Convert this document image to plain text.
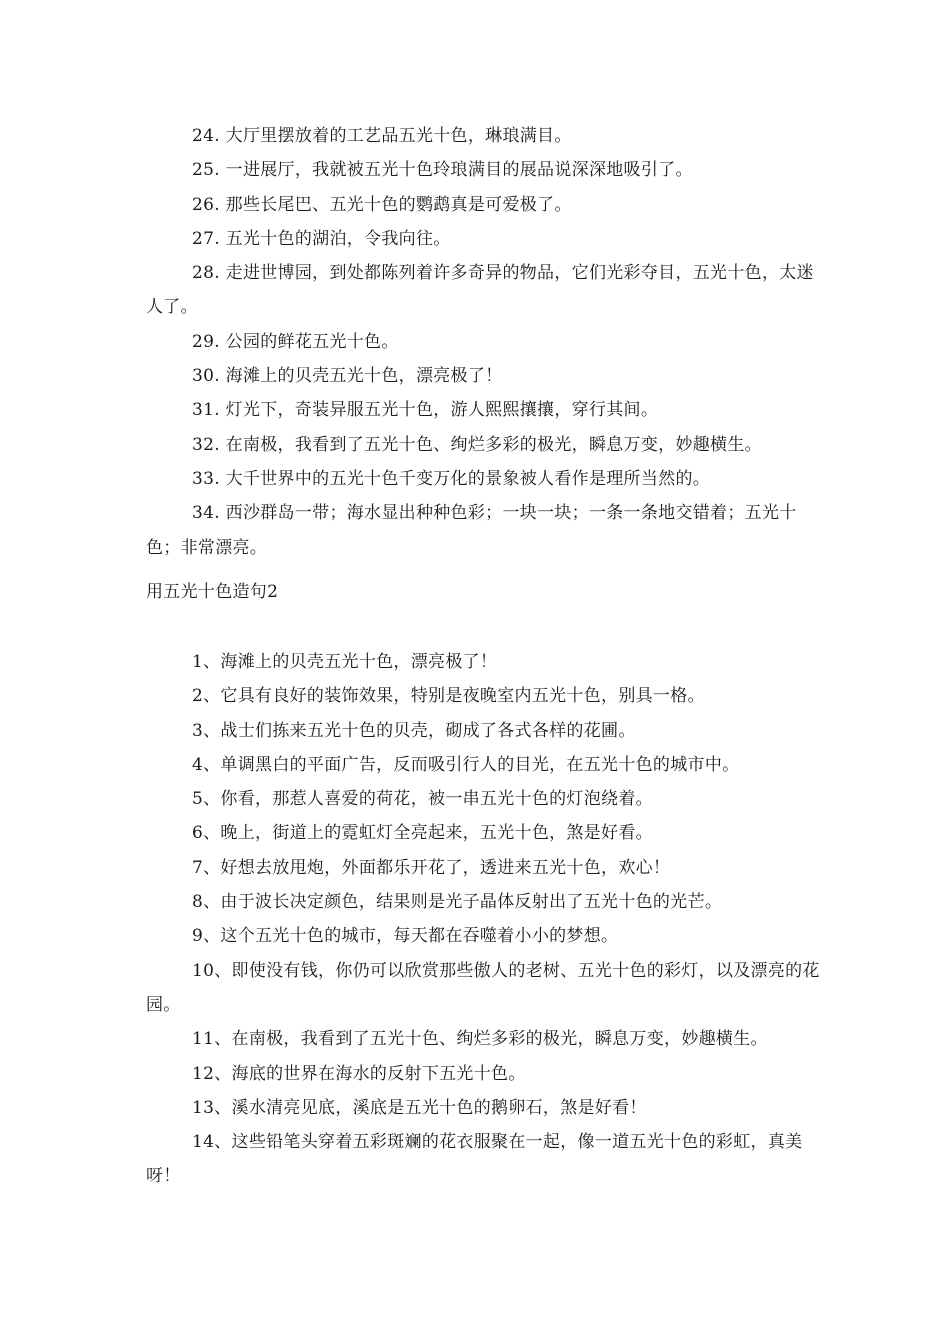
24. 大厅里摆放着的工艺品五光十色，琳琅满目。

25. 一进展厅，我就被五光十色玲琅满目的展品说深深地吸引了。

26. 那些长尾巴、五光十色的鹦鹉真是可爱极了。

27. 五光十色的湖泊，令我向往。

28. 走进世博园，到处都陈列着许多奇异的物品，它们光彩夺目，五光十色，太迷人了。

29. 公园的鲜花五光十色。

30. 海滩上的贝壳五光十色，漂亮极了！

31. 灯光下，奇装异服五光十色，游人熙熙攘攘，穿行其间。

32. 在南极，我看到了五光十色、绚烂多彩的极光，瞬息万变，妙趣横生。

33. 大千世界中的五光十色千变万化的景象被人看作是理所当然的。

34. 西沙群岛一带；海水显出种种色彩；一块一块；一条一条地交错着；五光十色；非常漂亮。

用五光十色造句2

1、海滩上的贝壳五光十色，漂亮极了！

2、它具有良好的装饰效果，特别是夜晚室内五光十色，别具一格。

3、战士们拣来五光十色的贝壳，砌成了各式各样的花圃。

4、单调黑白的平面广告，反而吸引行人的目光，在五光十色的城市中。

5、你看，那惹人喜爱的荷花，被一串五光十色的灯泡绕着。

6、晚上，街道上的霓虹灯全亮起来，五光十色，煞是好看。

7、好想去放甩炮，外面都乐开花了，透进来五光十色，欢心！

8、由于波长决定颜色，结果则是光子晶体反射出了五光十色的光芒。

9、这个五光十色的城市，每天都在吞噬着小小的梦想。

10、即使没有钱，你仍可以欣赏那些傲人的老树、五光十色的彩灯，以及漂亮的花园。

11、在南极，我看到了五光十色、绚烂多彩的极光，瞬息万变，妙趣横生。

12、海底的世界在海水的反射下五光十色。

13、溪水清亮见底，溪底是五光十色的鹅卵石，煞是好看！

14、这些铅笔头穿着五彩斑斓的花衣服聚在一起，像一道五光十色的彩虹，真美呀！
